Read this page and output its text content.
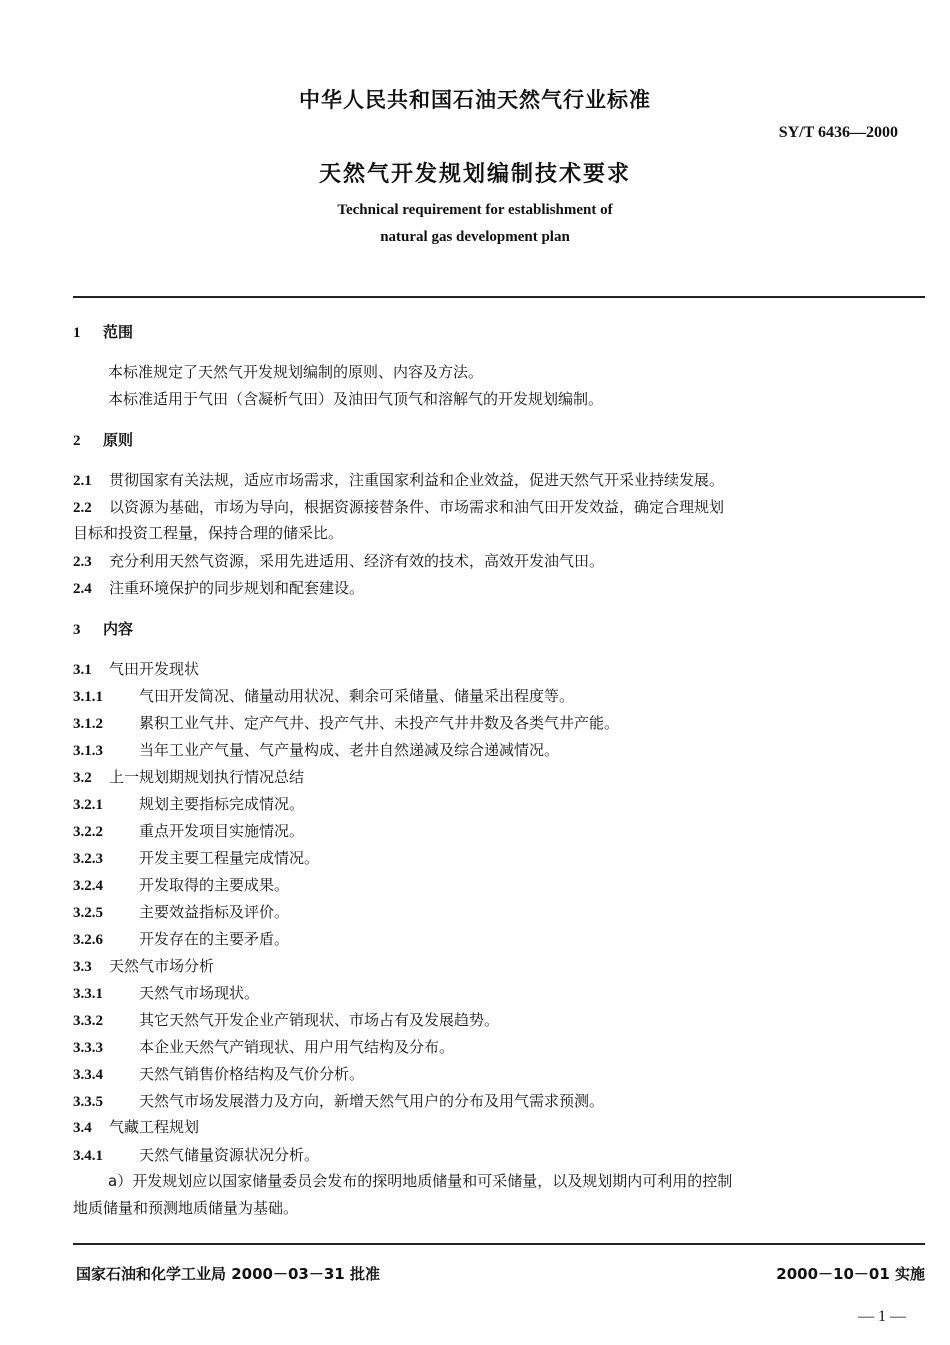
中华人民共和国石油天然气行业标准
SY/T 6436—2000
天然气开发规划编制技术要求
Technical requirement for establishment of
natural gas development plan
1 范围
本标准规定了天然气开发规划编制的原则、内容及方法。
本标准适用于气田（含凝析气田）及油田气顶气和溶解气的开发规划编制。
2 原则
2.1 贯彻国家有关法规，适应市场需求，注重国家利益和企业效益，促进天然气开采业持续发展。
2.2 以资源为基础，市场为导向，根据资源接替条件、市场需求和油气田开发效益，确定合理规划
目标和投资工程量，保持合理的储采比。
2.3 充分利用天然气资源，采用先进适用、经济有效的技术，高效开发油气田。
2.4 注重环境保护的同步规划和配套建设。
3 内容
3.1 气田开发现状
3.1.1 气田开发简况、储量动用状况、剩余可采储量、储量采出程度等。
3.1.2 累积工业气井、定产气井、投产气井、未投产气井井数及各类气井产能。
3.1.3 当年工业产气量、气产量构成、老井自然递减及综合递减情况。
3.2 上一规划期规划执行情况总结
3.2.1 规划主要指标完成情况。
3.2.2 重点开发项目实施情况。
3.2.3 开发主要工程量完成情况。
3.2.4 开发取得的主要成果。
3.2.5 主要效益指标及评价。
3.2.6 开发存在的主要矛盾。
3.3 天然气市场分析
3.3.1 天然气市场现状。
3.3.2 其它天然气开发企业产销现状、市场占有及发展趋势。
3.3.3 本企业天然气产销现状、用户用气结构及分布。
3.3.4 天然气销售价格结构及气价分析。
3.3.5 天然气市场发展潜力及方向，新增天然气用户的分布及用气需求预测。
3.4 气藏工程规划
3.4.1 天然气储量资源状况分析。
a）开发规划应以国家储量委员会发布的探明地质储量和可采储量，以及规划期内可利用的控制
地质储量和预测地质储量为基础。
国家石油和化学工业局 2000－03－31 批准	2000－10－01 实施
— 1 —
